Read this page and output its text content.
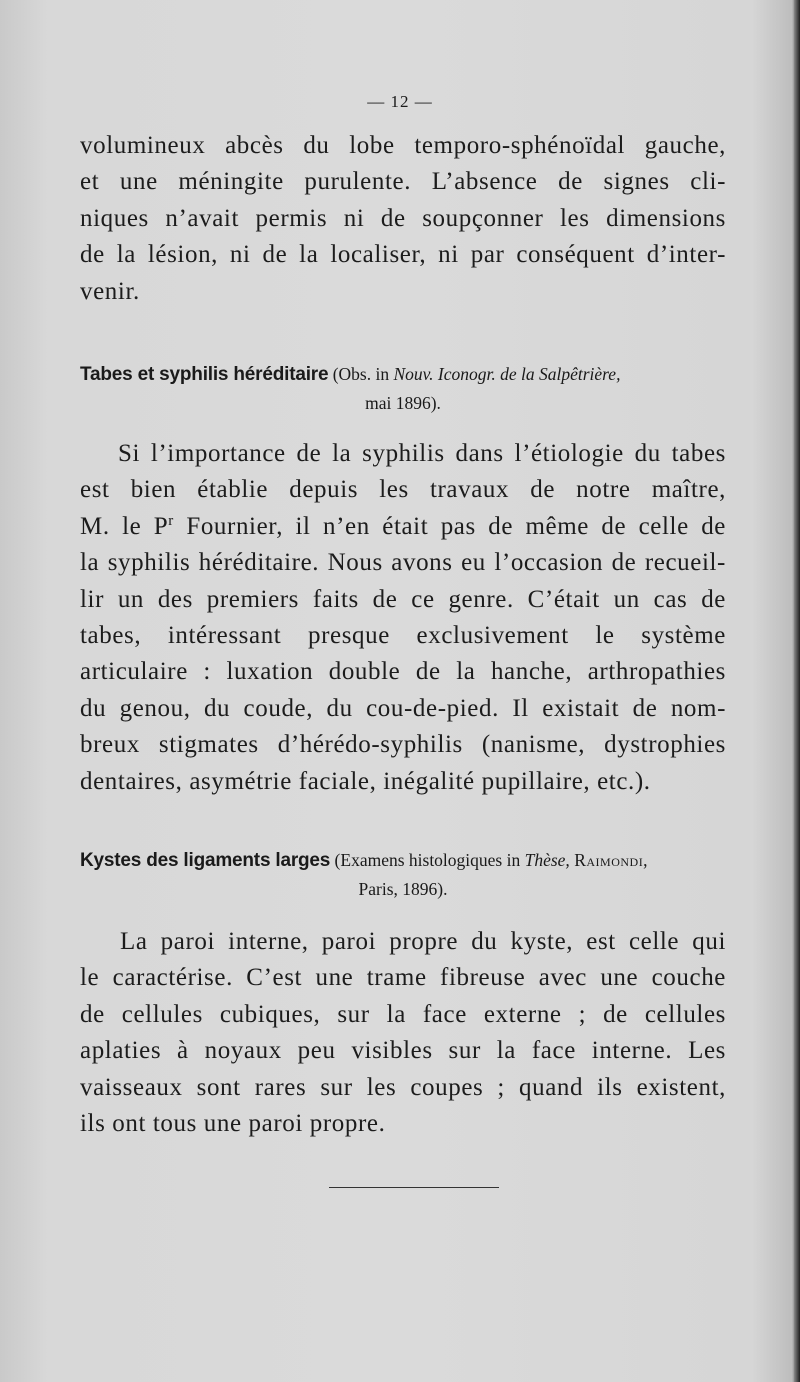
— 12 —

volumineux abcès du lobe temporo-sphénoïdal gauche,
et une méningite purulente. L’absence de signes cli-
niques n’avait permis ni de soupçonner les dimensions
de la lésion, ni de la localiser, ni par conséquent d’inter-
venir.

Tabes et syphilis héréditaire (Obs. in Nouv. Iconogr. de la Salpêtrière,
mai 1896).

Si l’importance de la syphilis dans l’étiologie du tabes
est bien établie depuis les travaux de notre maître,
M. le $P^r$ Fournier, il n’en était pas de même de celle de
la syphilis héréditaire. Nous avons eu l’occasion de recueil-
lir un des premiers faits de ce genre. C’était un cas de
tabes, intéressant presque exclusivement le système
articulaire : luxation double de la hanche, arthropathies
du genou, du coude, du cou-de-pied. Il existait de nom-
breux stigmates d’hérédo-syphilis (nanisme, dystrophies
dentaires, asymétrie faciale, inégalité pupillaire, etc.).

Kystes des ligaments larges (Examens histologiques in Thèse, Raimondi,
Paris, 1896).

La paroi interne, paroi propre du kyste, est celle qui
le caractérise. C’est une trame fibreuse avec une couche
de cellules cubiques, sur la face externe ; de cellules
aplaties à noyaux peu visibles sur la face interne. Les
vaisseaux sont rares sur les coupes ; quand ils existent,
ils ont tous une paroi propre.
